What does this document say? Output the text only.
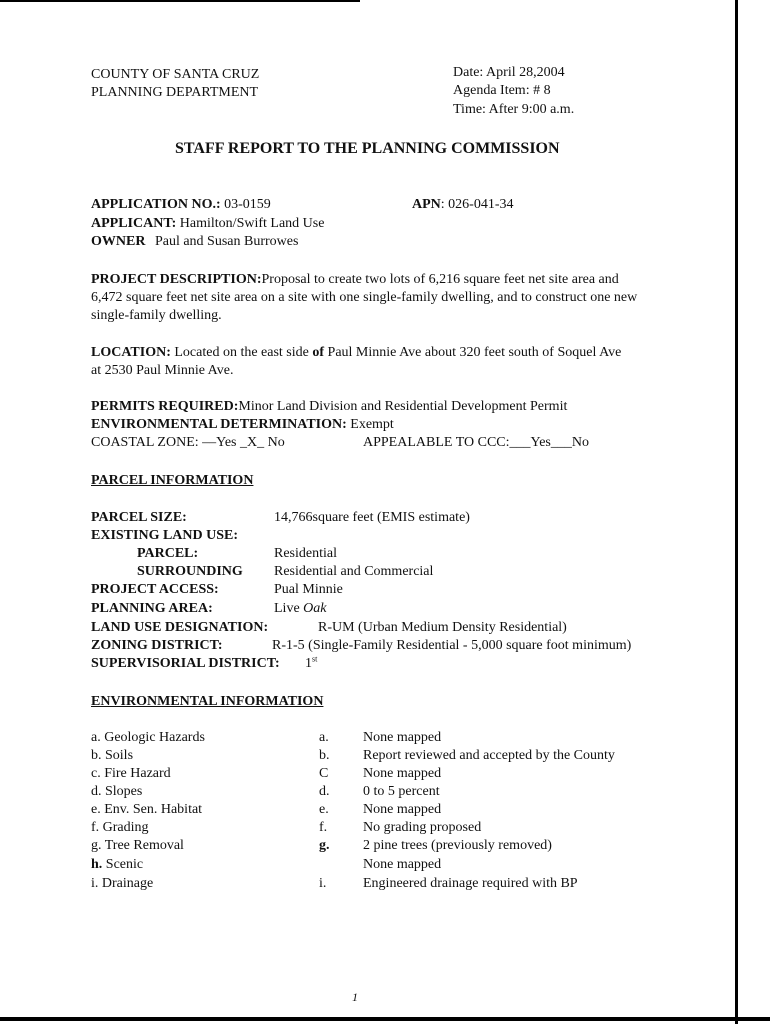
COUNTY OF SANTA CRUZ
PLANNING DEPARTMENT
Date: April 28,2004
Agenda Item: # 8
Time: After 9:00 a.m.
STAFF REPORT TO THE PLANNING COMMISSION
APPLICATION NO.: 03-0159	APN: 026-041-34
APPLICANT: Hamilton/Swift Land Use
OWNER Paul and Susan Burrowes
PROJECT DESCRIPTION:Proposal to create two lots of 6,216 square feet net site area and
6,472 square feet net site area on a site with one single-family dwelling, and to construct one new
single-family dwelling.
LOCATION: Located on the east side of Paul Minnie Ave about 320 feet south of Soquel Ave
at 2530 Paul Minnie Ave.
PERMITS REQUIRED:Minor Land Division and Residential Development Permit
ENVIRONMENTAL DETERMINATION: Exempt
COASTAL ZONE: ––Yes _X_ No	APPEALABLE TO CCC:___Yes___No
PARCEL INFORMATION
PARCEL SIZE:	14,766square feet (EMIS estimate)
EXISTING LAND USE:
PARCEL:	Residential
SURROUNDING Residential and Commercial
PROJECT ACCESS:	Pual Minnie
PLANNING AREA:	Live Oak
LAND USE DESIGNATION:	R-UM (Urban Medium Density Residential)
ZONING DISTRICT:	R-1-5 (Single-Family Residential - 5,000 square foot minimum)
SUPERVISORIAL DISTRICT: 1st
ENVIRONMENTAL INFORMATION
a. Geologic Hazards	a. None mapped
b. Soils	b. Report reviewed and accepted by the County
c. Fire Hazard	C None mapped
d. Slopes	d. 0 to 5 percent
e. Env. Sen. Habitat	e. None mapped
f. Grading	f.	No grading proposed
g. Tree Removal	g. 2 pine trees (previously removed)
h. Scenic	None mapped
i. Drainage	i.	Engineered drainage required with BP
1
